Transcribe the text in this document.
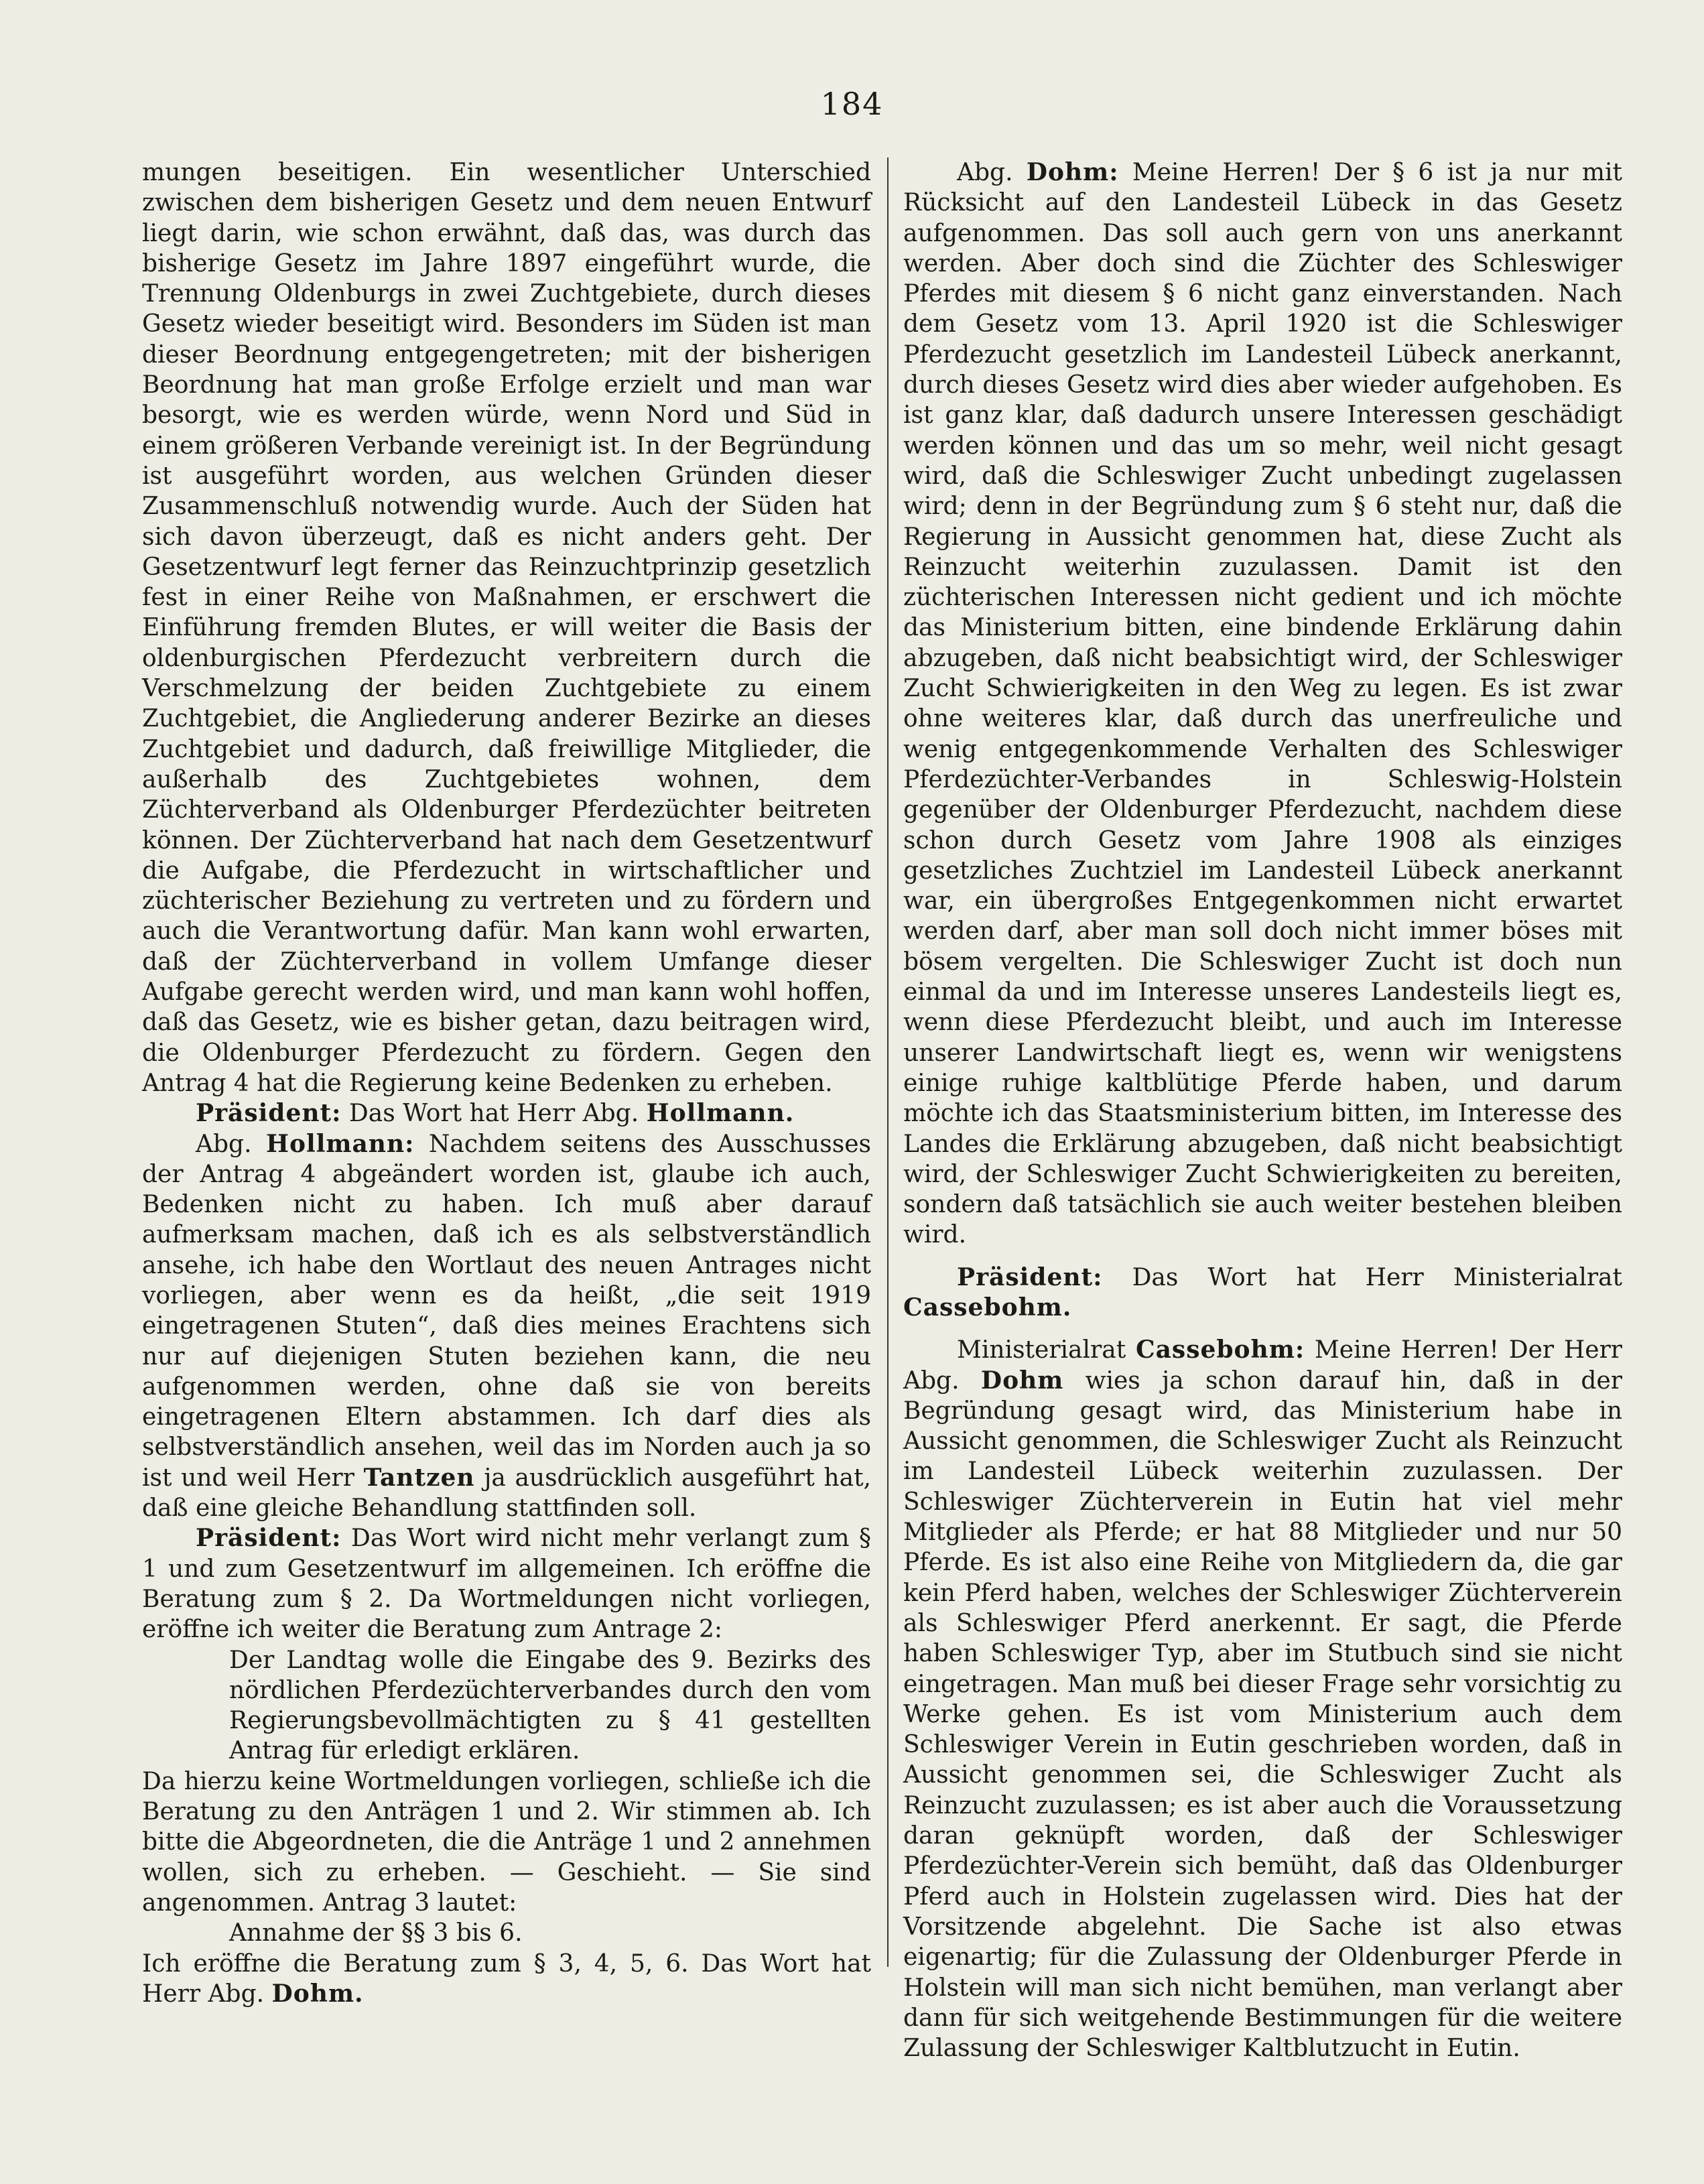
184

mungen beseitigen. Ein wesentlicher Unterschied zwischen dem bisherigen Gesetz und dem neuen Entwurf liegt darin, wie schon erwähnt, daß das, was durch das bisherige Gesetz im Jahre 1897 eingeführt wurde, die Trennung Oldenburgs in zwei Zuchtgebiete, durch dieses Gesetz wieder beseitigt wird. Besonders im Süden ist man dieser Beordnung entgegengetreten; mit der bisherigen Beordnung hat man große Erfolge erzielt und man war besorgt, wie es werden würde, wenn Nord und Süd in einem größeren Verbande vereinigt ist. In der Begründung ist ausgeführt worden, aus welchen Gründen dieser Zusammenschluß notwendig wurde. Auch der Süden hat sich davon überzeugt, daß es nicht anders geht. Der Gesetzentwurf legt ferner das Reinzuchtprinzip gesetzlich fest in einer Reihe von Maßnahmen, er erschwert die Einführung fremden Blutes, er will weiter die Basis der oldenburgischen Pferdezucht verbreitern durch die Verschmelzung der beiden Zuchtgebiete zu einem Zuchtgebiet, die Angliederung anderer Bezirke an dieses Zuchtgebiet und dadurch, daß freiwillige Mitglieder, die außerhalb des Zuchtgebietes wohnen, dem Züchterverband als Oldenburger Pferdezüchter beitreten können. Der Züchterverband hat nach dem Gesetzentwurf die Aufgabe, die Pferdezucht in wirtschaftlicher und züchterischer Beziehung zu vertreten und zu fördern und auch die Verantwortung dafür. Man kann wohl erwarten, daß der Züchterverband in vollem Umfange dieser Aufgabe gerecht werden wird, und man kann wohl hoffen, daß das Gesetz, wie es bisher getan, dazu beitragen wird, die Oldenburger Pferdezucht zu fördern. Gegen den Antrag 4 hat die Regierung keine Bedenken zu erheben.

Präsident: Das Wort hat Herr Abg. Hollmann.

Abg. Hollmann: Nachdem seitens des Ausschusses der Antrag 4 abgeändert worden ist, glaube ich auch, Bedenken nicht zu haben. Ich muß aber darauf aufmerksam machen, daß ich es als selbstverständlich ansehe, ich habe den Wortlaut des neuen Antrages nicht vorliegen, aber wenn es da heißt, „die seit 1919 eingetragenen Stuten“, daß dies meines Erachtens sich nur auf diejenigen Stuten beziehen kann, die neu aufgenommen werden, ohne daß sie von bereits eingetragenen Eltern abstammen. Ich darf dies als selbstverständlich ansehen, weil das im Norden auch ja so ist und weil Herr Tantzen ja ausdrücklich ausgeführt hat, daß eine gleiche Behandlung stattfinden soll.

Präsident: Das Wort wird nicht mehr verlangt zum § 1 und zum Gesetzentwurf im allgemeinen. Ich eröffne die Beratung zum § 2. Da Wortmeldungen nicht vorliegen, eröffne ich weiter die Beratung zum Antrage 2:

Der Landtag wolle die Eingabe des 9. Bezirks des nördlichen Pferdezüchterverbandes durch den vom Regierungsbevollmächtigten zu § 41 gestellten Antrag für erledigt erklären.

Da hierzu keine Wortmeldungen vorliegen, schließe ich die Beratung zu den Anträgen 1 und 2. Wir stimmen ab. Ich bitte die Abgeordneten, die die Anträge 1 und 2 annehmen wollen, sich zu erheben. — Geschieht. — Sie sind angenommen. Antrag 3 lautet:

Annahme der §§ 3 bis 6.

Ich eröffne die Beratung zum § 3, 4, 5, 6. Das Wort hat Herr Abg. Dohm.

Abg. Dohm: Meine Herren! Der § 6 ist ja nur mit Rücksicht auf den Landesteil Lübeck in das Gesetz aufgenommen. Das soll auch gern von uns anerkannt werden. Aber doch sind die Züchter des Schleswiger Pferdes mit diesem § 6 nicht ganz einverstanden. Nach dem Gesetz vom 13. April 1920 ist die Schleswiger Pferdezucht gesetzlich im Landesteil Lübeck anerkannt, durch dieses Gesetz wird dies aber wieder aufgehoben. Es ist ganz klar, daß dadurch unsere Interessen geschädigt werden können und das um so mehr, weil nicht gesagt wird, daß die Schleswiger Zucht unbedingt zugelassen wird; denn in der Begründung zum § 6 steht nur, daß die Regierung in Aussicht genommen hat, diese Zucht als Reinzucht weiterhin zuzulassen. Damit ist den züchterischen Interessen nicht gedient und ich möchte das Ministerium bitten, eine bindende Erklärung dahin abzugeben, daß nicht beabsichtigt wird, der Schleswiger Zucht Schwierigkeiten in den Weg zu legen. Es ist zwar ohne weiteres klar, daß durch das unerfreuliche und wenig entgegenkommende Verhalten des Schleswiger Pferdezüchter-Verbandes in Schleswig-Holstein gegenüber der Oldenburger Pferdezucht, nachdem diese schon durch Gesetz vom Jahre 1908 als einziges gesetzliches Zuchtziel im Landesteil Lübeck anerkannt war, ein übergroßes Entgegenkommen nicht erwartet werden darf, aber man soll doch nicht immer böses mit bösem vergelten. Die Schleswiger Zucht ist doch nun einmal da und im Interesse unseres Landesteils liegt es, wenn diese Pferdezucht bleibt, und auch im Interesse unserer Landwirtschaft liegt es, wenn wir wenigstens einige ruhige kaltblütige Pferde haben, und darum möchte ich das Staatsministerium bitten, im Interesse des Landes die Erklärung abzugeben, daß nicht beabsichtigt wird, der Schleswiger Zucht Schwierigkeiten zu bereiten, sondern daß tatsächlich sie auch weiter bestehen bleiben wird.

Präsident: Das Wort hat Herr Ministerialrat Cassebohm.

Ministerialrat Cassebohm: Meine Herren! Der Herr Abg. Dohm wies ja schon darauf hin, daß in der Begründung gesagt wird, das Ministerium habe in Aussicht genommen, die Schleswiger Zucht als Reinzucht im Landesteil Lübeck weiterhin zuzulassen. Der Schleswiger Züchterverein in Eutin hat viel mehr Mitglieder als Pferde; er hat 88 Mitglieder und nur 50 Pferde. Es ist also eine Reihe von Mitgliedern da, die gar kein Pferd haben, welches der Schleswiger Züchterverein als Schleswiger Pferd anerkennt. Er sagt, die Pferde haben Schleswiger Typ, aber im Stutbuch sind sie nicht eingetragen. Man muß bei dieser Frage sehr vorsichtig zu Werke gehen. Es ist vom Ministerium auch dem Schleswiger Verein in Eutin geschrieben worden, daß in Aussicht genommen sei, die Schleswiger Zucht als Reinzucht zuzulassen; es ist aber auch die Voraussetzung daran geknüpft worden, daß der Schleswiger Pferdezüchter-Verein sich bemüht, daß das Oldenburger Pferd auch in Holstein zugelassen wird. Dies hat der Vorsitzende abgelehnt. Die Sache ist also etwas eigenartig; für die Zulassung der Oldenburger Pferde in Holstein will man sich nicht bemühen, man verlangt aber dann für sich weitgehende Bestimmungen für die weitere Zulassung der Schleswiger Kaltblutzucht in Eutin.
